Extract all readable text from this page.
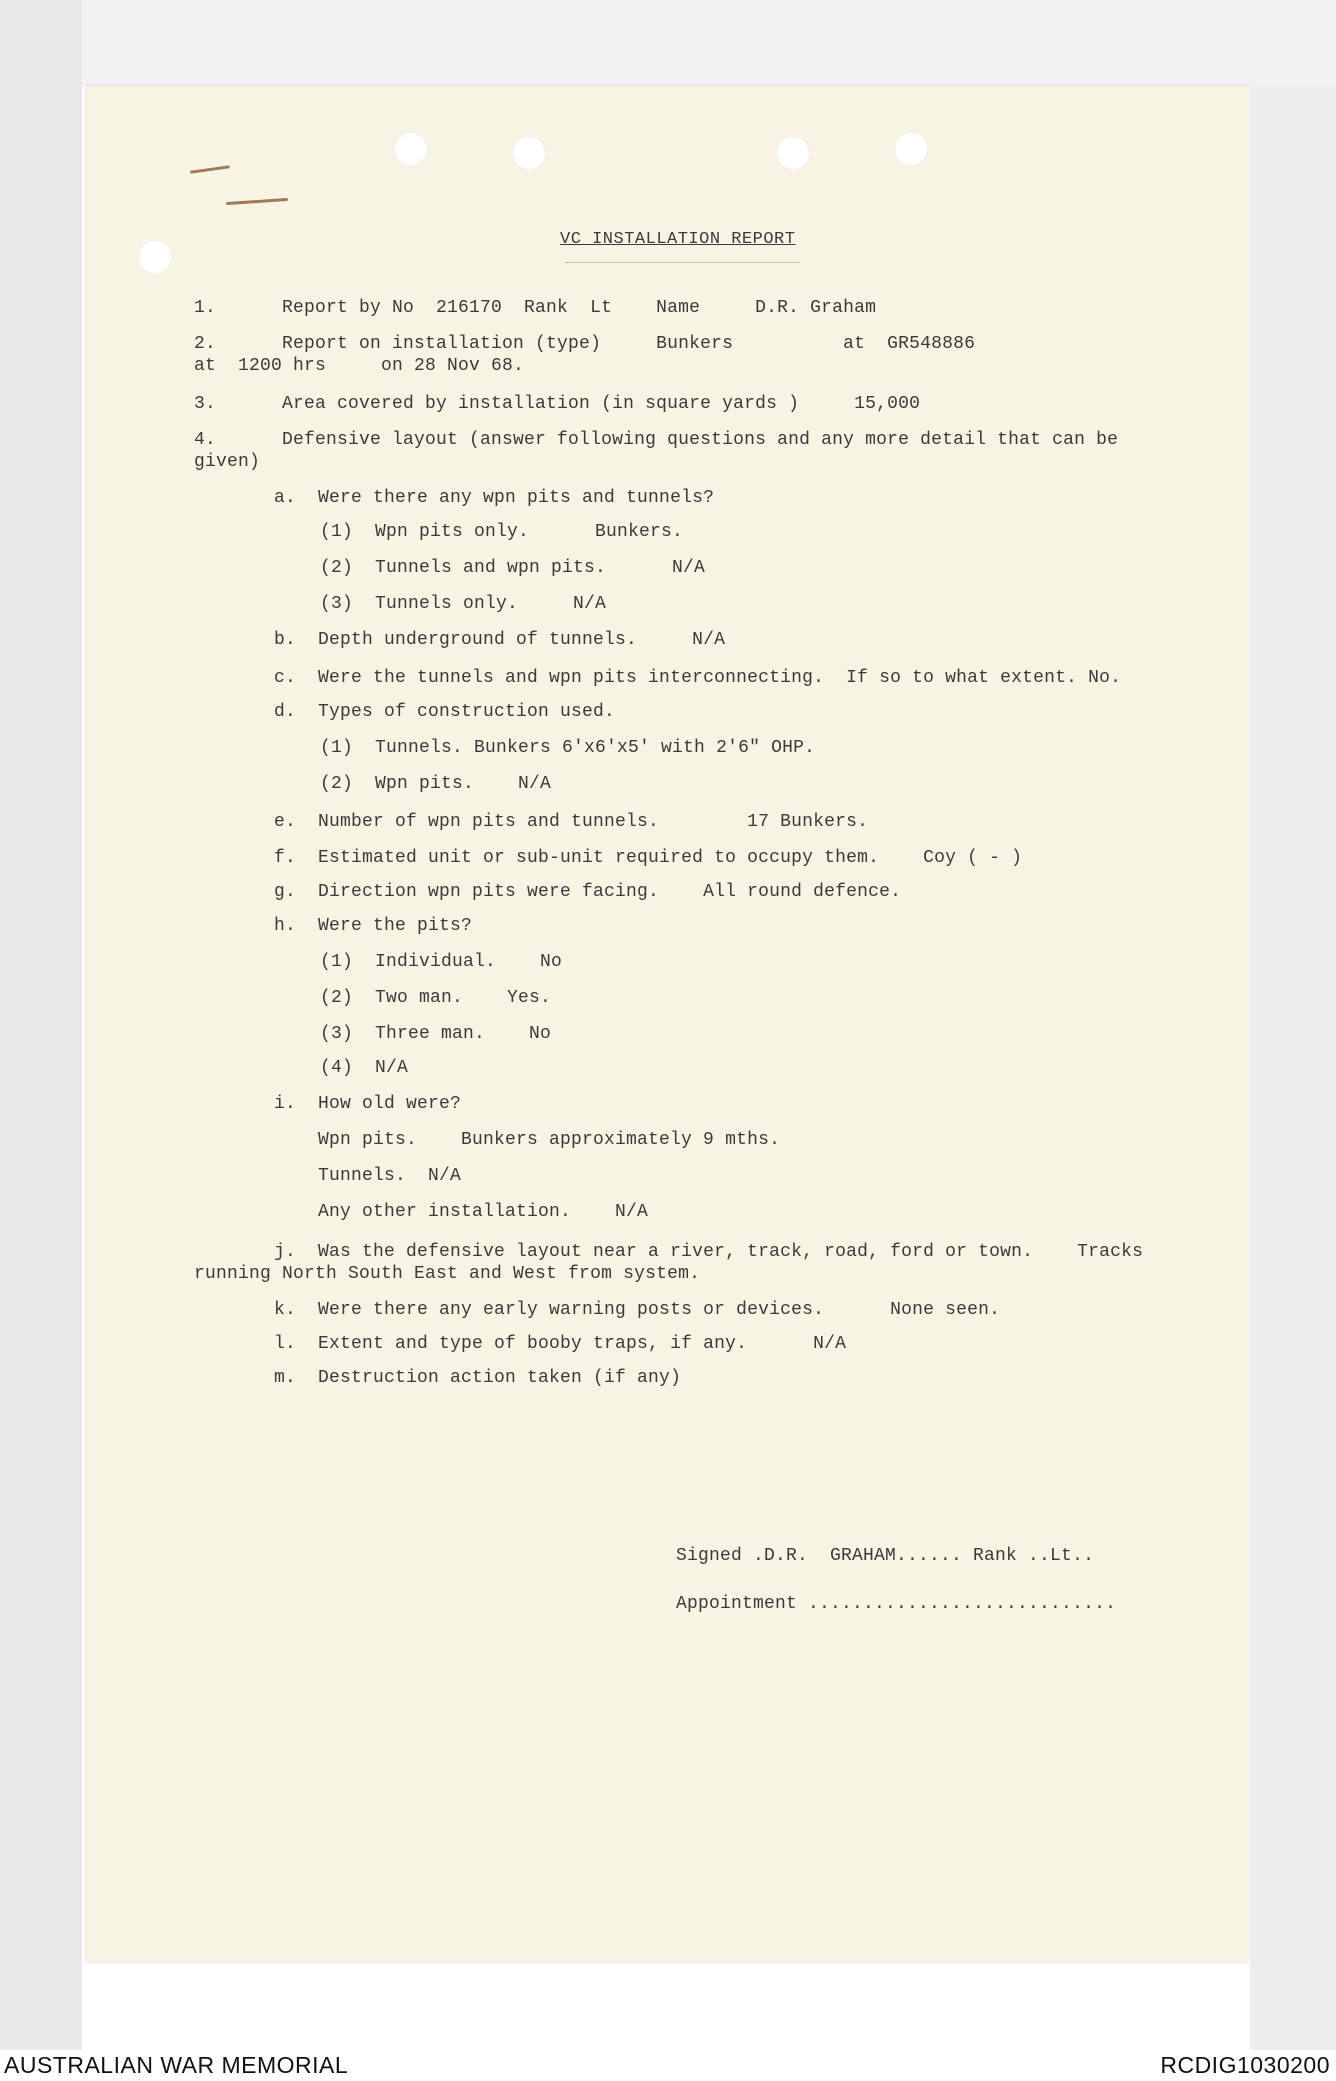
VC INSTALLATION REPORT
1.      Report by No  216170  Rank  Lt    Name     D.R. Graham
2.      Report on installation (type)     Bunkers          at  GR548886
at  1200 hrs     on 28 Nov 68.
3.      Area covered by installation (in square yards )     15,000
4.      Defensive layout (answer following questions and any more detail that can be
given)
a.  Were there any wpn pits and tunnels?
(1)  Wpn pits only.      Bunkers.
(2)  Tunnels and wpn pits.      N/A
(3)  Tunnels only.     N/A
b.  Depth underground of tunnels.     N/A
c.  Were the tunnels and wpn pits interconnecting.  If so to what extent. No.
d.  Types of construction used.
(1)  Tunnels. Bunkers 6'x6'x5' with 2'6" OHP.
(2)  Wpn pits.    N/A
e.  Number of wpn pits and tunnels.        17 Bunkers.
f.  Estimated unit or sub-unit required to occupy them.    Coy ( - )
g.  Direction wpn pits were facing.    All round defence.
h.  Were the pits?
(1)  Individual.    No
(2)  Two man.    Yes.
(3)  Three man.    No
(4)  N/A
i.  How old were?
Wpn pits.    Bunkers approximately 9 mths.
Tunnels.  N/A
Any other installation.    N/A
j.  Was the defensive layout near a river, track, road, ford or town.    Tracks
running North South East and West from system.
k.  Were there any early warning posts or devices.      None seen.
l.  Extent and type of booby traps, if any.      N/A
m.  Destruction action taken (if any)
Signed .D.R.  GRAHAM...... Rank ..Lt..
Appointment ............................
AUSTRALIAN WAR MEMORIAL	RCDIG1030200
